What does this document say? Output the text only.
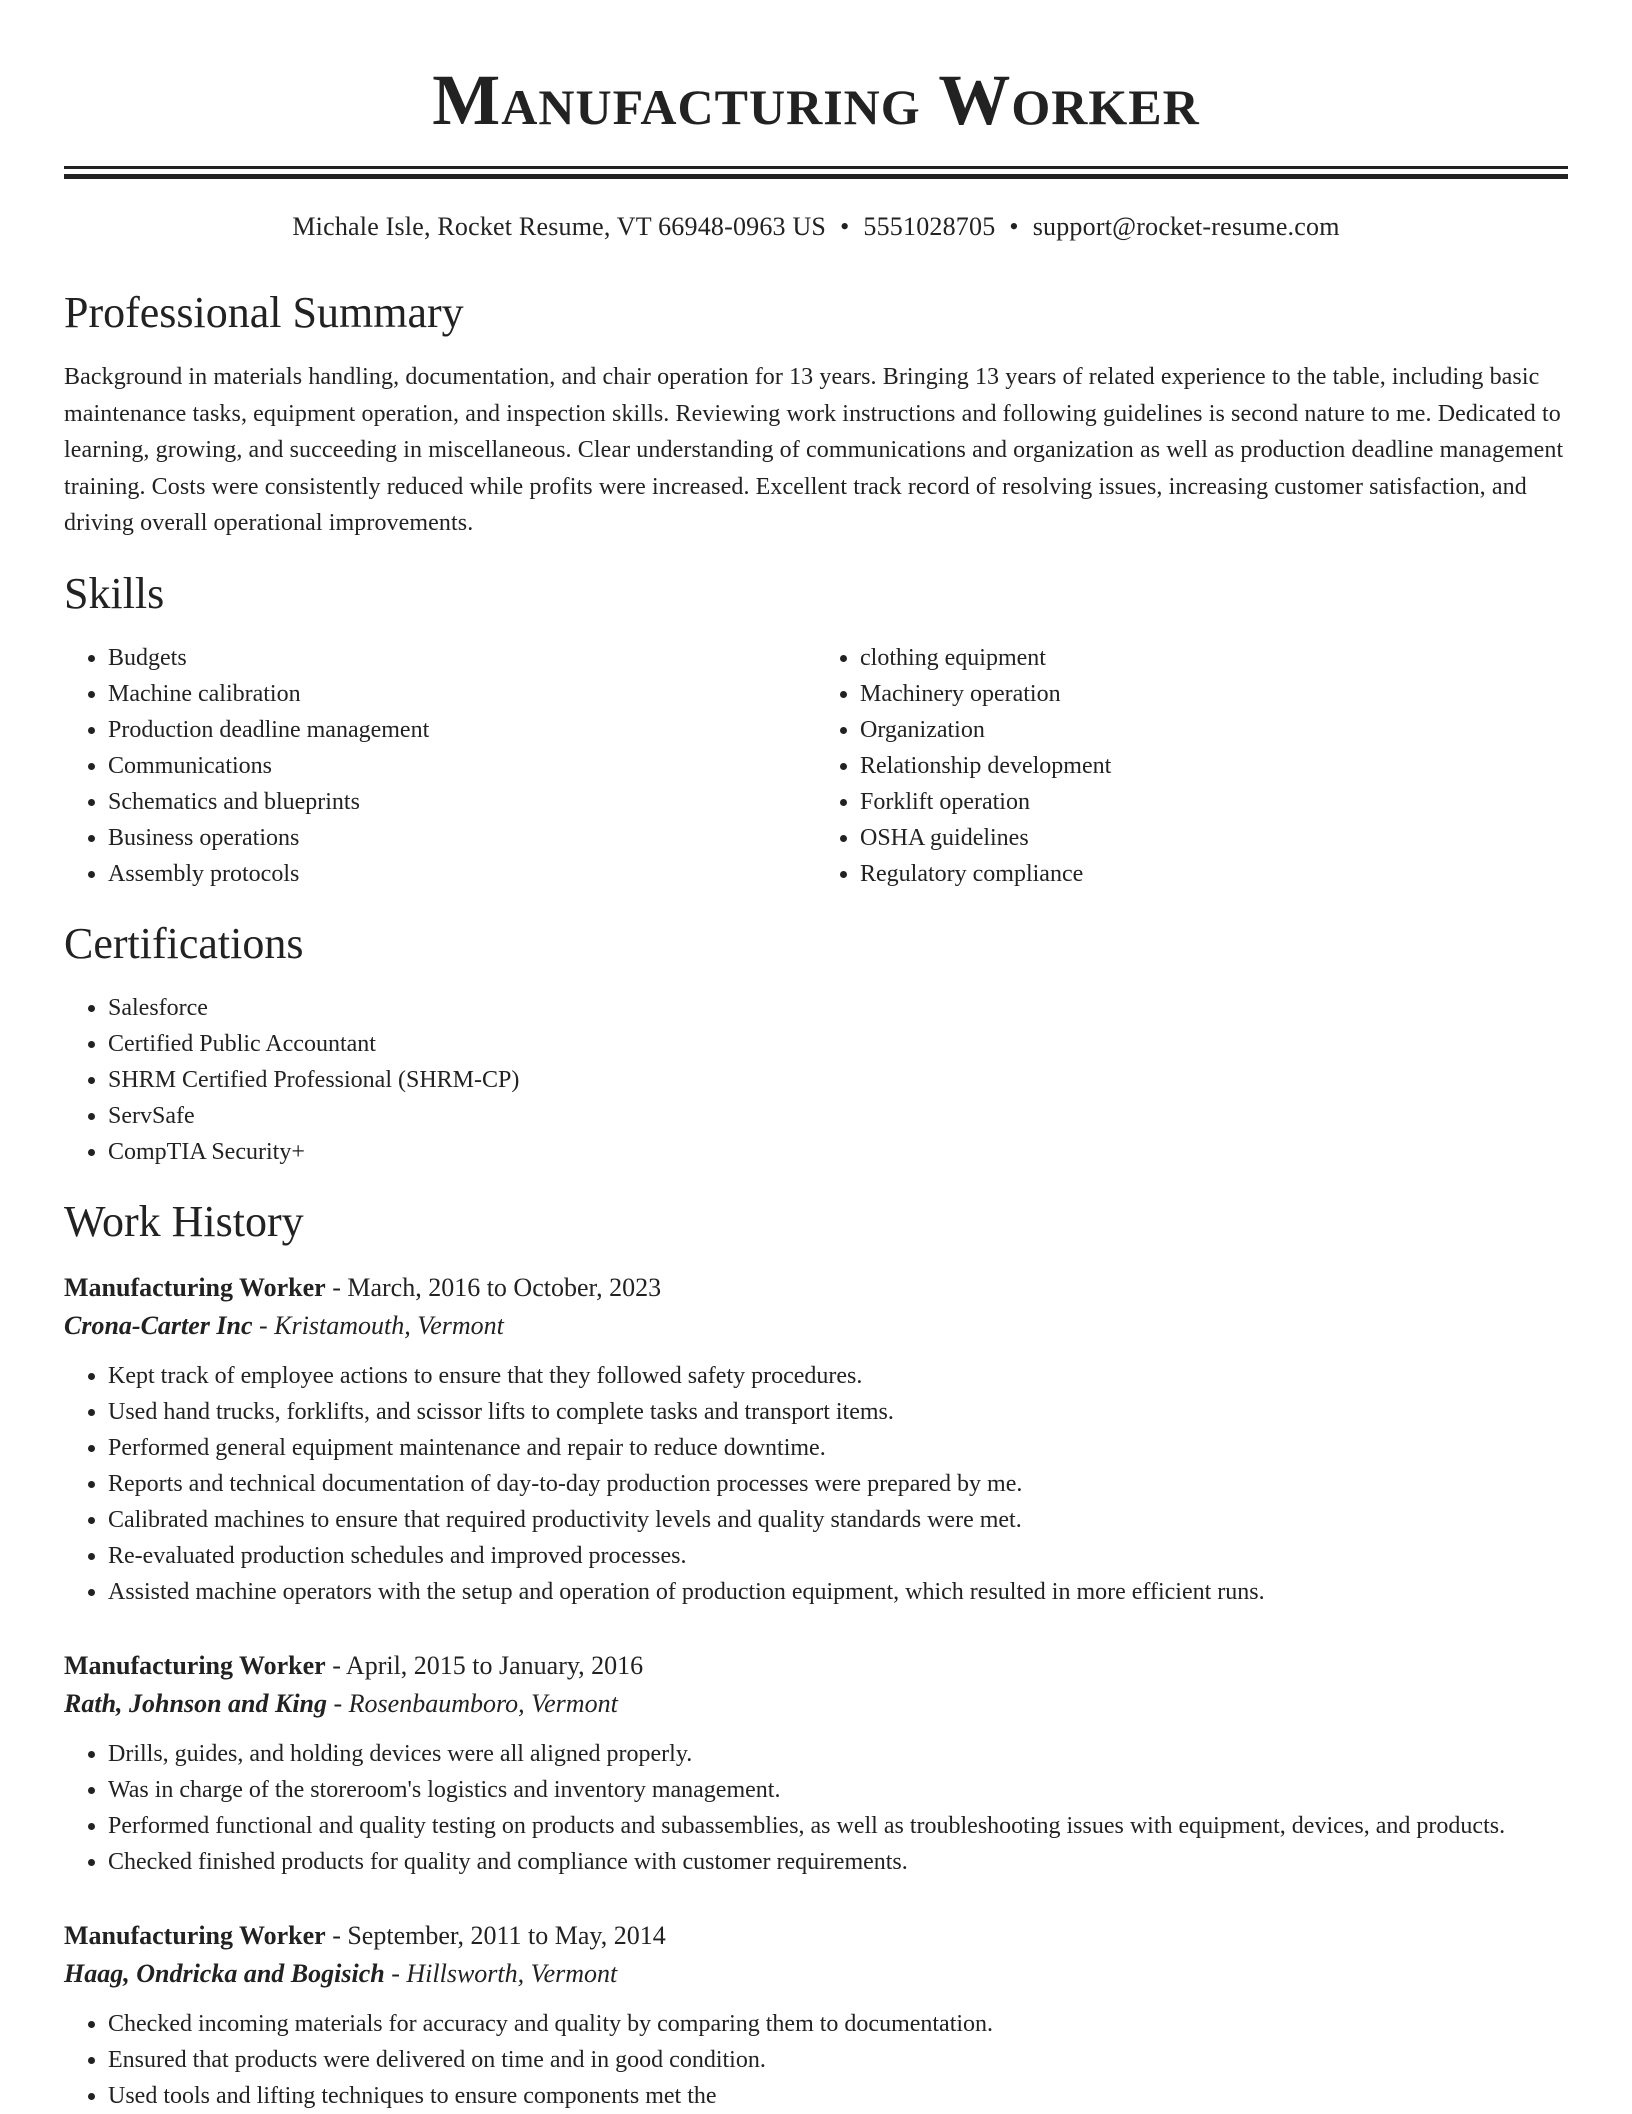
Manufacturing Worker
Michale Isle, Rocket Resume, VT 66948-0963 US • 5551028705 • support@rocket-resume.com
Professional Summary
Background in materials handling, documentation, and chair operation for 13 years. Bringing 13 years of related experience to the table, including basic maintenance tasks, equipment operation, and inspection skills. Reviewing work instructions and following guidelines is second nature to me. Dedicated to learning, growing, and succeeding in miscellaneous. Clear understanding of communications and organization as well as production deadline management training. Costs were consistently reduced while profits were increased. Excellent track record of resolving issues, increasing customer satisfaction, and driving overall operational improvements.
Skills
• Budgets
• Machine calibration
• Production deadline management
• Communications
• Schematics and blueprints
• Business operations
• Assembly protocols
• clothing equipment
• Machinery operation
• Organization
• Relationship development
• Forklift operation
• OSHA guidelines
• Regulatory compliance
Certifications
• Salesforce
• Certified Public Accountant
• SHRM Certified Professional (SHRM-CP)
• ServSafe
• CompTIA Security+
Work History
Manufacturing Worker - March, 2016 to October, 2023
Crona-Carter Inc - Kristamouth, Vermont
• Kept track of employee actions to ensure that they followed safety procedures.
• Used hand trucks, forklifts, and scissor lifts to complete tasks and transport items.
• Performed general equipment maintenance and repair to reduce downtime.
• Reports and technical documentation of day-to-day production processes were prepared by me.
• Calibrated machines to ensure that required productivity levels and quality standards were met.
• Re-evaluated production schedules and improved processes.
• Assisted machine operators with the setup and operation of production equipment, which resulted in more efficient runs.
Manufacturing Worker - April, 2015 to January, 2016
Rath, Johnson and King - Rosenbaumboro, Vermont
• Drills, guides, and holding devices were all aligned properly.
• Was in charge of the storeroom's logistics and inventory management.
• Performed functional and quality testing on products and subassemblies, as well as troubleshooting issues with equipment, devices, and products.
• Checked finished products for quality and compliance with customer requirements.
Manufacturing Worker - September, 2011 to May, 2014
Haag, Ondricka and Bogisich - Hillsworth, Vermont
• Checked incoming materials for accuracy and quality by comparing them to documentation.
• Ensured that products were delivered on time and in good condition.
• Used tools and lifting techniques to ensure components met the
